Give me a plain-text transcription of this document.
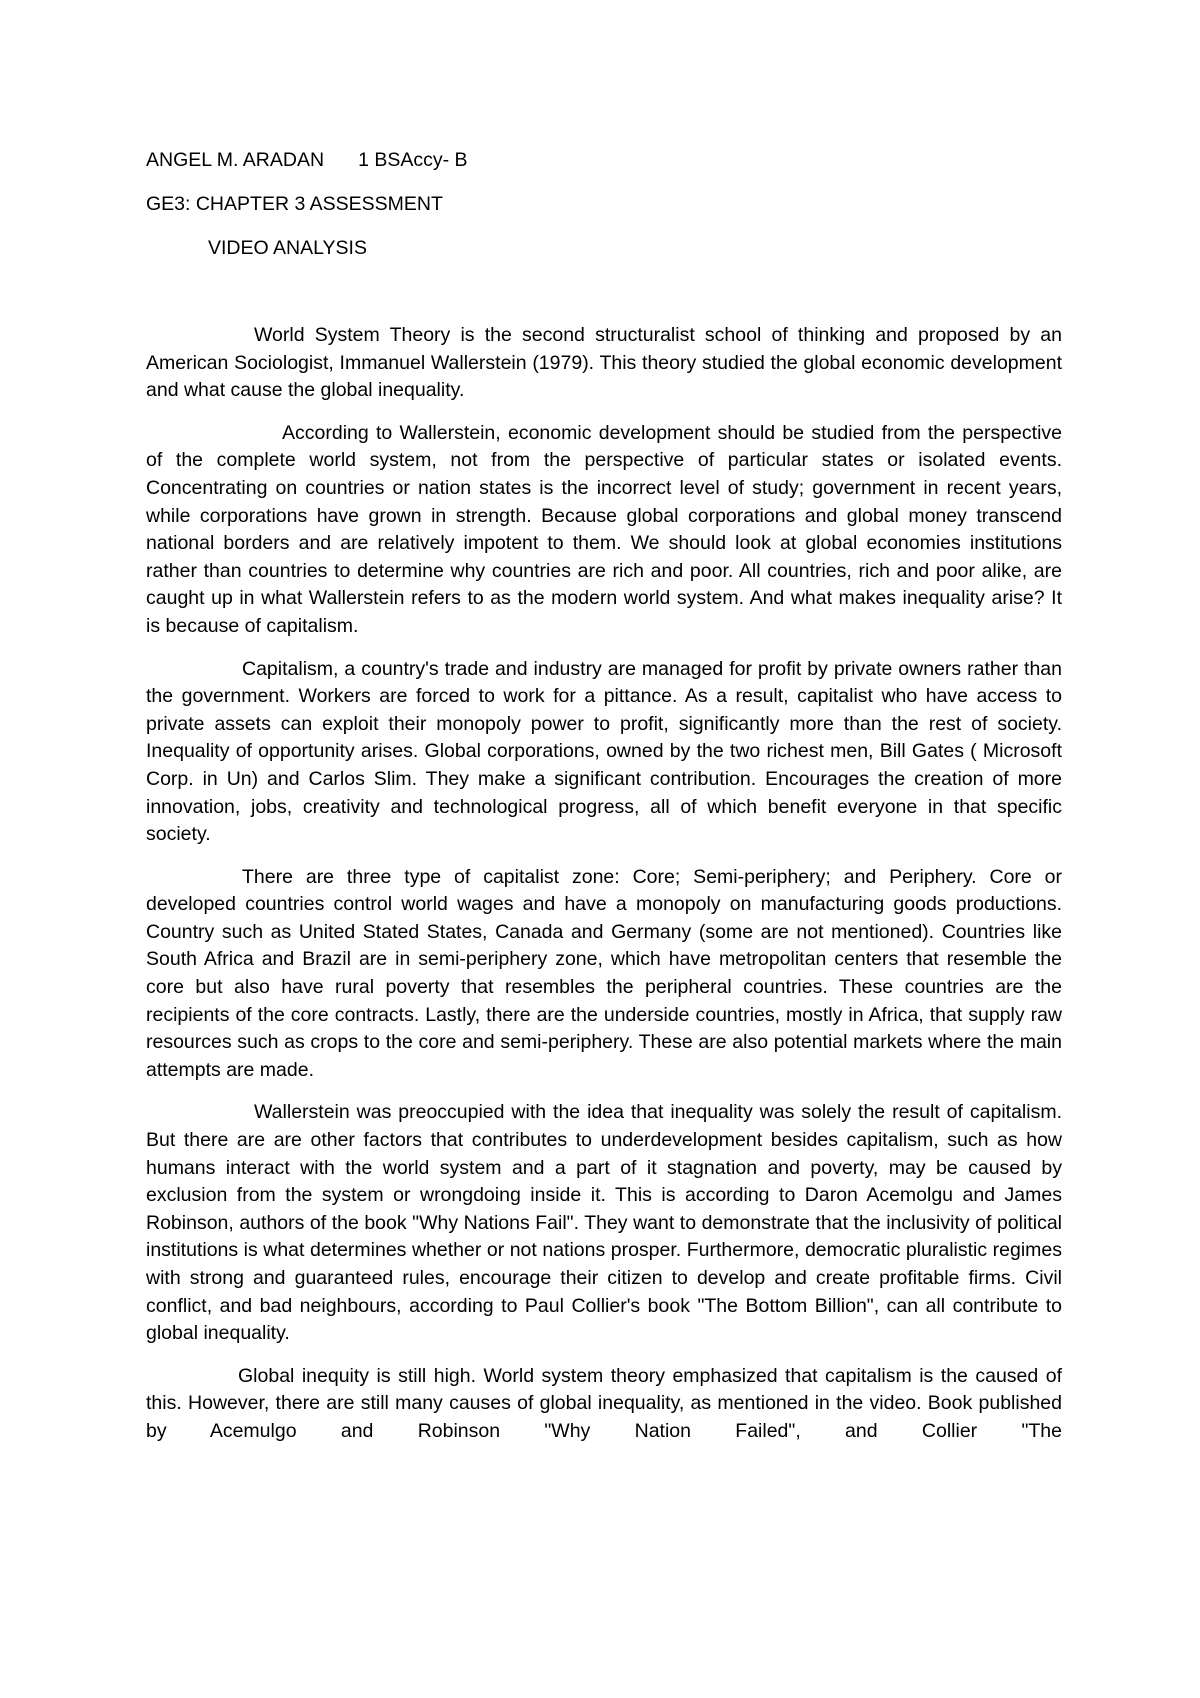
ANGEL M. ARADAN 1 BSAccy- B
GE3: CHAPTER 3 ASSESSMENT
VIDEO ANALYSIS

World System Theory is the second structuralist school of thinking and proposed by an American Sociologist, Immanuel Wallerstein (1979). This theory studied the global economic development and what cause the global inequality.

According to Wallerstein, economic development should be studied from the perspective of the complete world system, not from the perspective of particular states or isolated events. Concentrating on countries or nation states is the incorrect level of study; government in recent years, while corporations have grown in strength. Because global corporations and global money transcend national borders and are relatively impotent to them. We should look at global economies institutions rather than countries to determine why countries are rich and poor. All countries, rich and poor alike, are caught up in what Wallerstein refers to as the modern world system. And what makes inequality arise? It is because of capitalism.

Capitalism, a country's trade and industry are managed for profit by private owners rather than the government. Workers are forced to work for a pittance. As a result, capitalist who have access to private assets can exploit their monopoly power to profit, significantly more than the rest of society. Inequality of opportunity arises. Global corporations, owned by the two richest men, Bill Gates ( Microsoft Corp. in Un) and Carlos Slim. They make a significant contribution. Encourages the creation of more innovation, jobs, creativity and technological progress, all of which benefit everyone in that specific society.

There are three type of capitalist zone: Core; Semi-periphery; and Periphery. Core or developed countries control world wages and have a monopoly on manufacturing goods productions. Country such as United Stated States, Canada and Germany (some are not mentioned). Countries like South Africa and Brazil are in semi-periphery zone, which have metropolitan centers that resemble the core but also have rural poverty that resembles the peripheral countries. These countries are the recipients of the core contracts. Lastly, there are the underside countries, mostly in Africa, that supply raw resources such as crops to the core and semi-periphery. These are also potential markets where the main attempts are made.

Wallerstein was preoccupied with the idea that inequality was solely the result of capitalism. But there are are other factors that contributes to underdevelopment besides capitalism, such as how humans interact with the world system and a part of it stagnation and poverty, may be caused by exclusion from the system or wrongdoing inside it. This is according to Daron Acemolgu and James Robinson, authors of the book "Why Nations Fail". They want to demonstrate that the inclusivity of political institutions is what determines whether or not nations prosper. Furthermore, democratic pluralistic regimes with strong and guaranteed rules, encourage their citizen to develop and create profitable firms. Civil conflict, and bad neighbours, according to Paul Collier's book "The Bottom Billion", can all contribute to global inequality.

Global inequity is still high. World system theory emphasized that capitalism is the caused of this. However, there are still many causes of global inequality, as mentioned in the video. Book published by Acemulgo and Robinson "Why Nation Failed", and Collier "The
